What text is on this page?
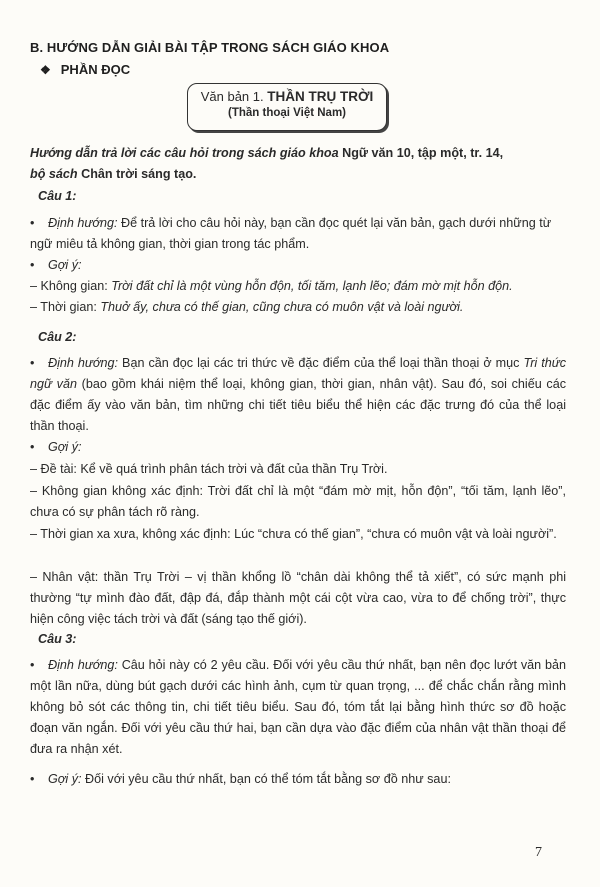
B. HƯỚNG DẪN GIẢI BÀI TẬP TRONG SÁCH GIÁO KHOA
❖ PHẦN ĐỌC
Văn bản 1. THẦN TRỤ TRỜI
(Thần thoại Việt Nam)

Hướng dẫn trả lời các câu hỏi trong sách giáo khoa Ngữ văn 10, tập một, tr. 14,
bộ sách Chân trời sáng tạo.

Câu 1:

• Định hướng: Để trả lời cho câu hỏi này, bạn cần đọc quét lại văn bản, gạch dưới những từ ngữ miêu tả không gian, thời gian trong tác phẩm.

• Gợi ý:

– Không gian: Trời đất chỉ là một vùng hỗn độn, tối tăm, lạnh lẽo; đám mờ mịt hỗn độn.

– Thời gian: Thuở ấy, chưa có thế gian, cũng chưa có muôn vật và loài người.

Câu 2:

• Định hướng: Bạn cần đọc lại các tri thức về đặc điểm của thể loại thần thoại ở mục Tri thức ngữ văn (bao gồm khái niệm thể loại, không gian, thời gian, nhân vật). Sau đó, soi chiếu các đặc điểm ấy vào văn bản, tìm những chi tiết tiêu biểu thể hiện các đặc trưng đó của thể loại thần thoại.

• Gợi ý:

– Đề tài: Kể về quá trình phân tách trời và đất của thần Trụ Trời.

– Không gian không xác định: Trời đất chỉ là một “đám mờ mịt, hỗn độn”, “tối tăm, lạnh lẽo”, chưa có sự phân tách rõ ràng.

– Thời gian xa xưa, không xác định: Lúc “chưa có thế gian”, “chưa có muôn vật và loài người”.

– Nhân vật: thần Trụ Trời – vị thần khổng lồ “chân dài không thể tả xiết”, có sức mạnh phi thường “tự mình đào đất, đập đá, đắp thành một cái cột vừa cao, vừa to để chống trời”, thực hiện công việc tách trời và đất (sáng tạo thế giới).

Câu 3:

• Định hướng: Câu hỏi này có 2 yêu cầu. Đối với yêu cầu thứ nhất, bạn nên đọc lướt văn bản một lần nữa, dùng bút gạch dưới các hình ảnh, cụm từ quan trọng, ... để chắc chắn rằng mình không bỏ sót các thông tin, chi tiết tiêu biểu. Sau đó, tóm tắt lại bằng hình thức sơ đồ hoặc đoạn văn ngắn. Đối với yêu cầu thứ hai, bạn cần dựa vào đặc điểm của nhân vật thần thoại để đưa ra nhận xét.

• Gợi ý: Đối với yêu cầu thứ nhất, bạn có thể tóm tắt bằng sơ đồ như sau:

7
